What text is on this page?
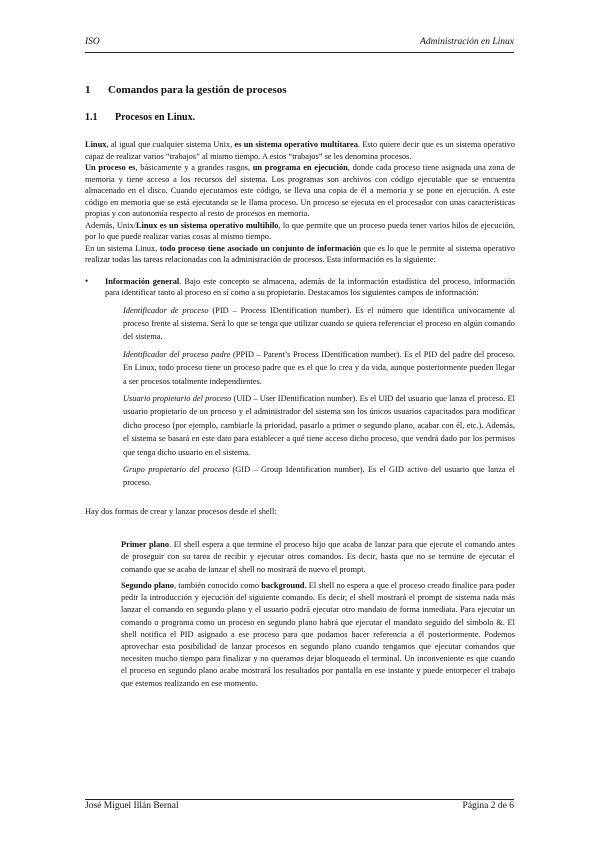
ISO	Administración en Linux
1	Comandos para la gestión de procesos
1.1	Procesos en Linux.

Linux, al igual que cualquier sistema Unix, es un sistema operativo multitarea. Esto quiere decir que es un sistema operativo capaz de realizar varios “trabajos” al mismo tiempo. A estos “trabajos” se les denomina procesos.

Un proceso es, básicamente y a grandes rasgos, un programa en ejecución, donde cada proceso tiene asignada una zona de memoria y tiene acceso a los recursos del sistema. Los programas son archivos con código ejecutable que se encuentra almacenado en el disco. Cuando ejecutamos este código, se lleva una copia de él a memoria y se pone en ejecución. A este código en memoria que se está ejecutando se le llama proceso. Un proceso se ejecuta en el procesador con unas características propias y con autonomía respecto al resto de procesos en memoria.

Además, Unix/Linux es un sistema operativo multihilo, lo que permite que un proceso pueda tener varios hilos de ejecución, por lo que puede realizar varias cosas al mismo tiempo.

En un sistema Linux, todo proceso tiene asociado un conjunto de información que es lo que le permite al sistema operativo realizar todas las tareas relacionadas con la administración de procesos. Esta información es la siguiente:

•	Información general. Bajo este concepto se almacena, además de la información estadística del proceso, información para identificar tanto al proceso en sí como a su propietario. Destacamos los siguientes campos de información:

Identificador de proceso (PID – Process IDentification number). Es el número que identifica unívocamente al proceso frente al sistema. Será lo que se tenga que utilizar cuando se quiera referenciar el proceso en algún comando del sistema.

Identificador del proceso padre (PPID – Parent’s Process IDentification number). Es el PID del padre del proceso. En Linux, todo proceso tiene un proceso padre que es el que lo crea y da vida, aunque posteriormente pueden llegar a ser procesos totalmente independientes.

Usuario propietario del proceso (UID – User IDentification number). Es el UID del usuario que lanza el proceso. El usuario propietario de un proceso y el administrador del sistema son los únicos usuarios capacitados para modificar dicho proceso (por ejemplo, cambiarle la prioridad, pasarlo a primer o segundo plano, acabar con él, etc.). Además, el sistema se basará en este dato para establecer a qué tiene acceso dicho proceso, que vendrá dado por los permisos que tenga dicho usuario en el sistema.

Grupo propietario del proceso (GID – Group Identification number). Es el GID activo del usuario que lanza el proceso.

Hay dos formas de crear y lanzar procesos desde el shell:

Primer plano. El shell espera a que termine el proceso hijo que acaba de lanzar para que ejecute el comando antes de proseguir con su tarea de recibir y ejecutar otros comandos. Es decir, hasta que no se termine de ejecutar el comando que se acaba de lanzar el shell no mostrará de nuevo el prompt.

Segundo plano, también conocido como background. El shell no espera a que el proceso creado finalice para poder pedir la introducción y ejecución del siguiente comando. Es decir, el shell mostrará el prompt de sistema nada más lanzar el comando en segundo plano y el usuario podrá ejecutar otro mandato de forma inmediata. Para ejecutar un comando o programa como un proceso en segundo plano habrá que ejecutar el mandato seguido del símbolo &. El shell notifica el PID asignado a ese proceso para que podamos hacer referencia a él posteriormente. Podemos aprovechar esta posibilidad de lanzar procesos en segundo plano cuando tengamos que ejecutar comandos que necesiten mucho tiempo para finalizar y no queramos dejar bloqueado el terminal. Un inconveniente es que cuando el proceso en segundo plano acabe mostrará los resultados por pantalla en ese instante y puede entorpecer el trabajo que estemos realizando en ese momento.

José Miguel Illán Bernal	Página 2 de 6
